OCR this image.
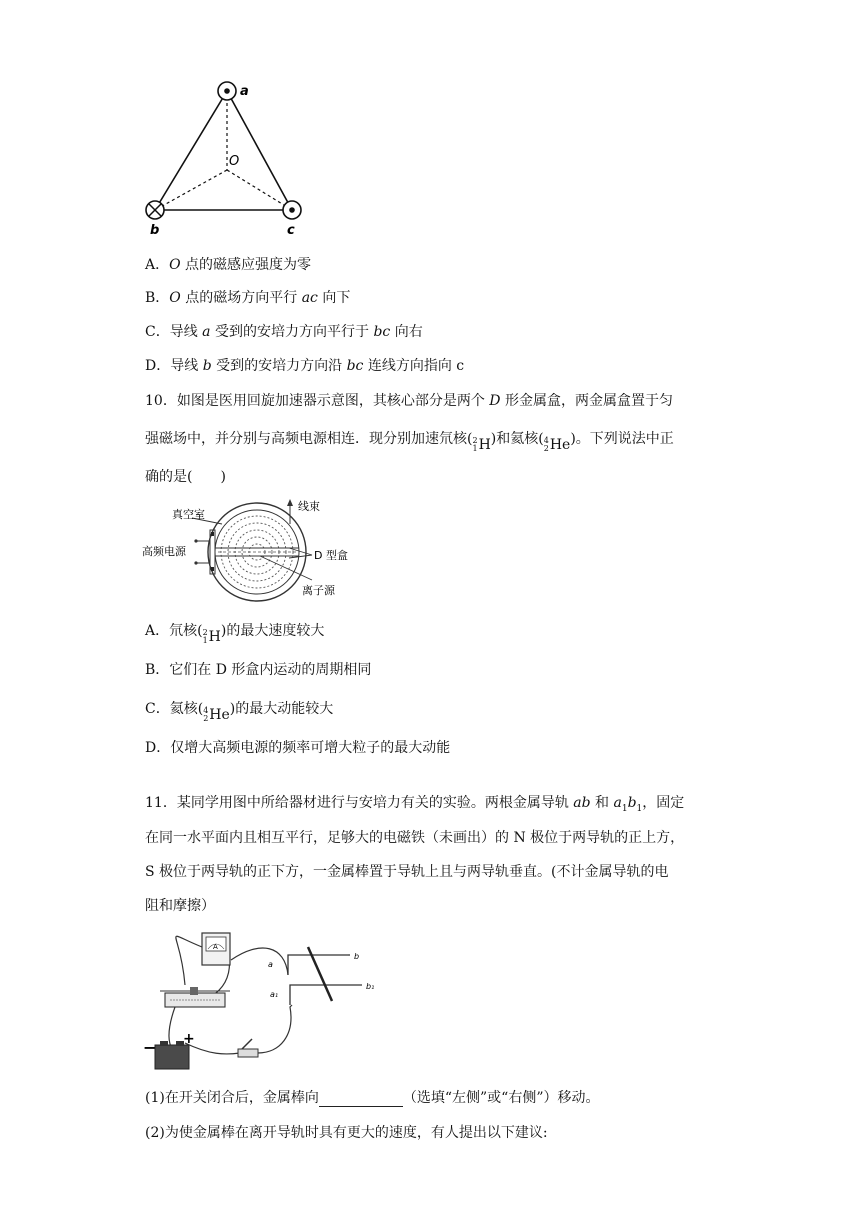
a
O
b	c
A．O 点的磁感应强度为零
B．O 点的磁场方向平行 ac 向下
C．导线 a 受到的安培力方向平行于 bc 向右
D．导线 b 受到的安培力方向沿 bc 连线方向指向 c
10．如图是医用回旋加速器示意图，其核心部分是两个 D 形金属盒，两金属盒置于匀
强磁场中，并分别与高频电源相连．现分别加速氘核( 2
1 H )和氦核( 4
2 He )。下列说法中正
确的是(　　)
真空室
高频电源
线束
D 型盒
离子源
A．氘核( 2
1 H )的最大速度较大
B．它们在 D 形盒内运动的周期相同
C．氦核( 4
2 He )的最大动能较大
D．仅增大高频电源的频率可增大粒子的最大动能
11．某同学用图中所给器材进行与安培力有关的实验。两根金属导轨 ab 和 $a_1b_1$，固定
在同一水平面内且相互平行，足够大的电磁铁（未画出）的 N 极位于两导轨的正上方，
S 极位于两导轨的正下方，一金属棒置于导轨上且与两导轨垂直。(不计金属导轨的电
阻和摩擦）
A
− +
a
a₁
b
b₁
(1)在开关闭合后，金属棒向	（选填“左侧”或“右侧”）移动。
(2)为使金属棒在离开导轨时具有更大的速度，有人提出以下建议:
